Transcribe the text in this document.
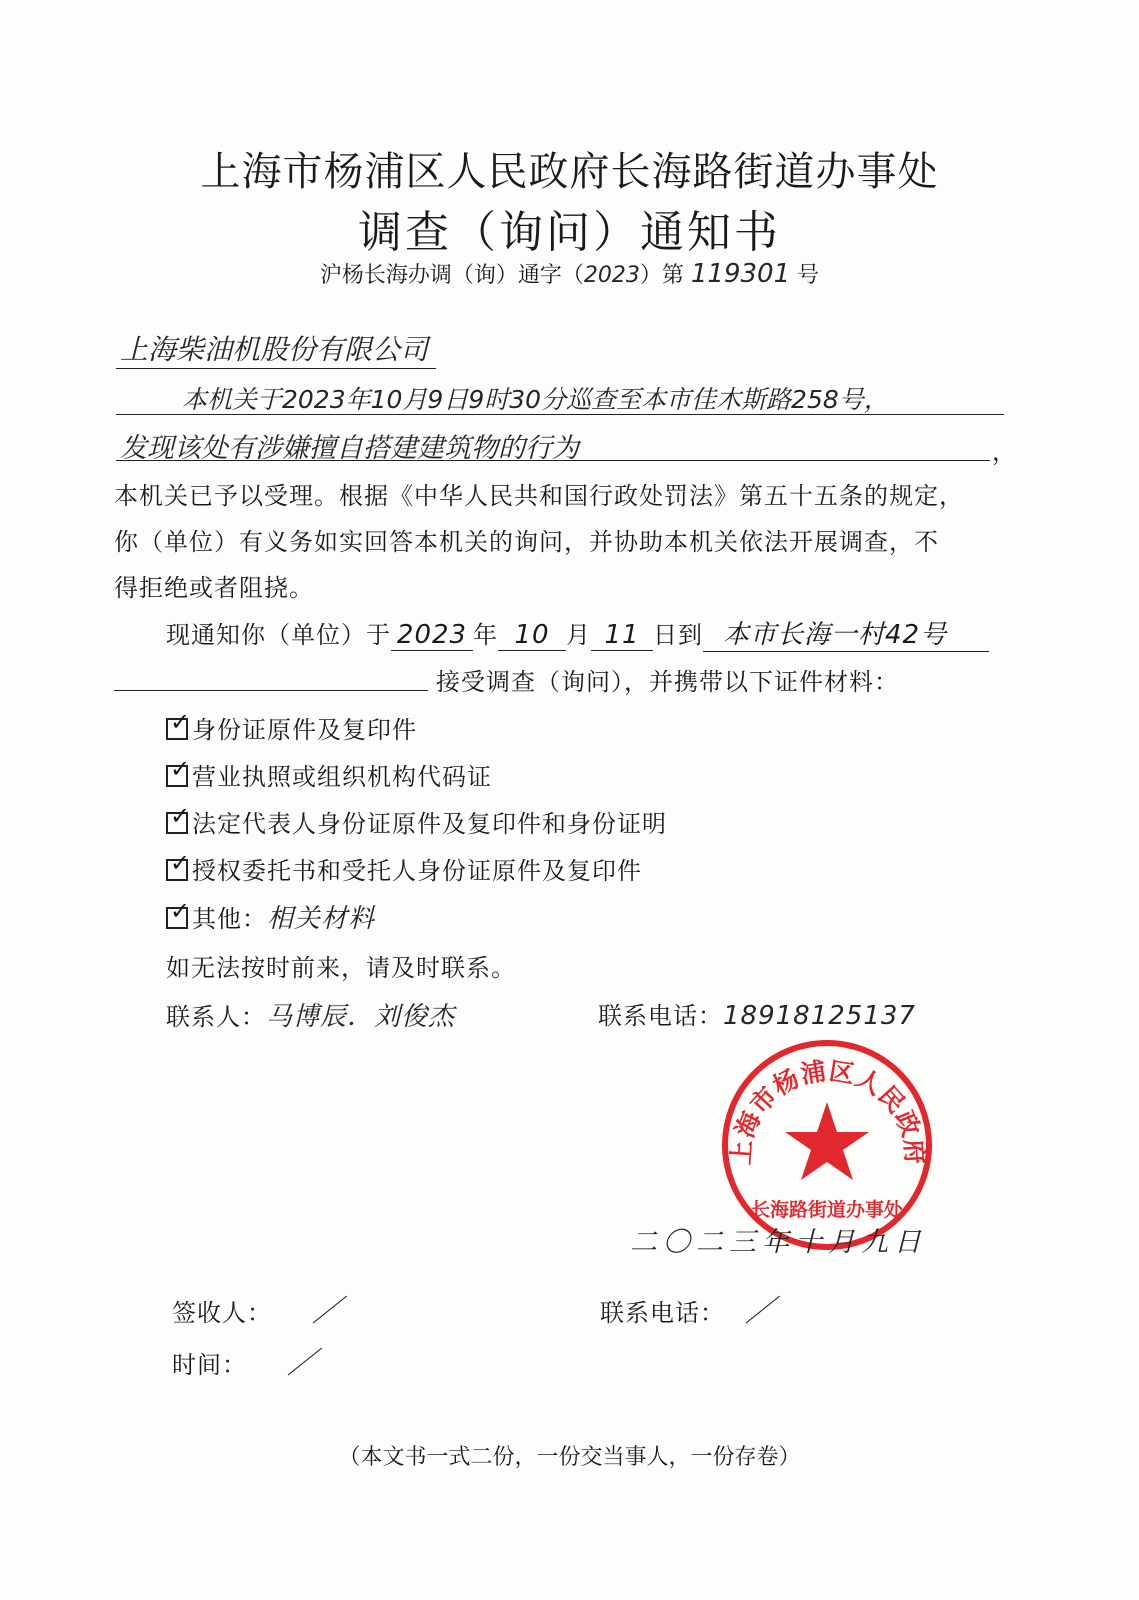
上海市杨浦区人民政府长海路街道办事处
调查（询问）通知书
沪杨长海办调（询）通字（2023）第 119301 号
上海柴油机股份有限公司
本机关于2023年10月9日9时30分巡查至本市佳木斯路258号，
发现该处有涉嫌擅自搭建建筑物的行为	，
本机关已予以受理。根据《中华人民共和国行政处罚法》第五十五条的规定，
你（单位）有义务如实回答本机关的询问，并协助本机关依法开展调查，不
得拒绝或者阻挠。
现通知你（单位）于 2023 年 10 月 11 日到 本市长海一村42号
接受调查（询问），并携带以下证件材料：
✓身份证原件及复印件
✓营业执照或组织机构代码证
✓法定代表人身份证原件及复印件和身份证明
✓授权委托书和受托人身份证原件及复印件
✓其他：相关材料
如无法按时前来，请及时联系。
联系人：马博辰．刘俊杰	联系电话：18918125137
上海市杨浦区人民政府
长海路街道办事处
二〇二三年十月九日
签收人： ／	联系电话： ／
时间： ／
（本文书一式二份，一份交当事人，一份存卷）
